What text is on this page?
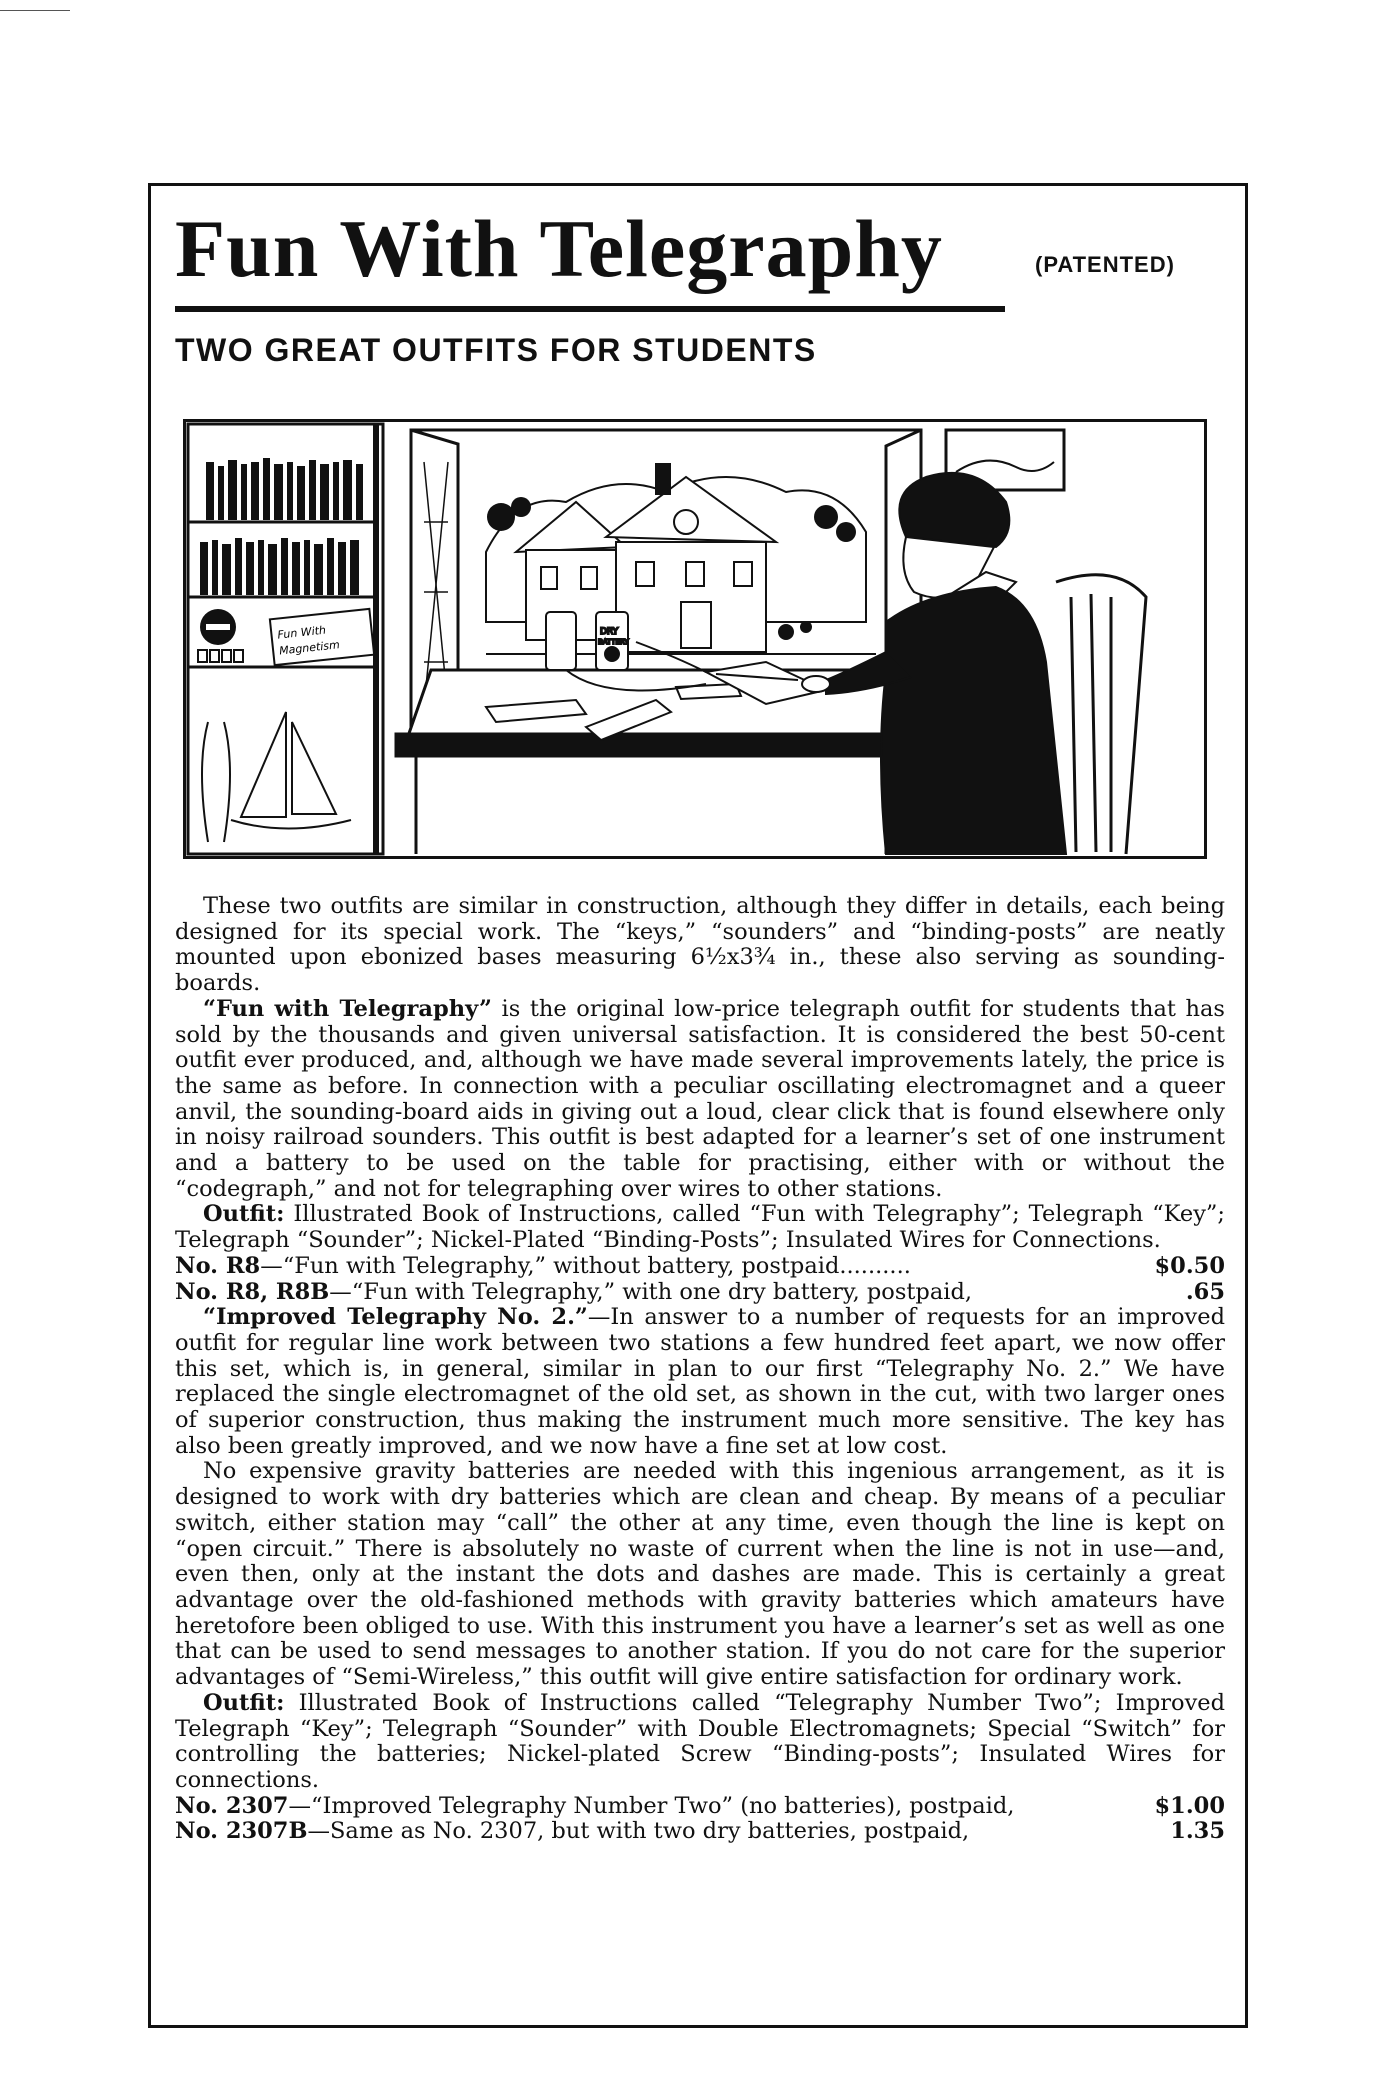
Fun With Telegraphy	(PATENTED)
TWO GREAT OUTFITS FOR STUDENTS
Fun With
Magnetism
DRY
BATTERY

These two outfits are similar in construction, although they differ in details, each being designed for its special work. The “keys,” “sounders” and “binding-posts” are neatly mounted upon ebonized bases measuring 6½x3¾ in., these also serving as sounding-boards.

“Fun with Telegraphy” is the original low-price telegraph outfit for students that has sold by the thousands and given universal satisfaction. It is considered the best 50-cent outfit ever produced, and, although we have made several improvements lately, the price is the same as before. In connection with a peculiar oscillating electromagnet and a queer anvil, the sounding-board aids in giving out a loud, clear click that is found elsewhere only in noisy railroad sounders. This outfit is best adapted for a learner’s set of one instrument and a battery to be used on the table for practising, either with or without the “codegraph,” and not for telegraphing over wires to other stations.

Outfit: Illustrated Book of Instructions, called “Fun with Telegraphy”; Telegraph “Key”; Telegraph “Sounder”; Nickel-Plated “Binding-Posts”; Insulated Wires for Connections.

No. R8—“Fun with Telegraphy,” without battery, postpaid..........	$0.50

No. R8, R8B—“Fun with Telegraphy,” with one dry battery, postpaid,	.65

“Improved Telegraphy No. 2.”—In answer to a number of requests for an improved outfit for regular line work between two stations a few hundred feet apart, we now offer this set, which is, in general, similar in plan to our first “Telegraphy No. 2.” We have replaced the single electromagnet of the old set, as shown in the cut, with two larger ones of superior construction, thus making the instrument much more sensitive. The key has also been greatly improved, and we now have a fine set at low cost.

No expensive gravity batteries are needed with this ingenious arrangement, as it is designed to work with dry batteries which are clean and cheap. By means of a peculiar switch, either station may “call” the other at any time, even though the line is kept on “open circuit.” There is absolutely no waste of current when the line is not in use—and, even then, only at the instant the dots and dashes are made. This is certainly a great advantage over the old-fashioned methods with gravity batteries which amateurs have heretofore been obliged to use. With this instrument you have a learner’s set as well as one that can be used to send messages to another station. If you do not care for the superior advantages of “Semi-Wireless,” this outfit will give entire satisfaction for ordinary work.

Outfit: Illustrated Book of Instructions called “Telegraphy Number Two”; Improved Telegraph “Key”; Telegraph “Sounder” with Double Electromagnets; Special “Switch” for controlling the batteries; Nickel-plated Screw “Binding-posts”; Insulated Wires for connections.

No. 2307—“Improved Telegraphy Number Two” (no batteries), postpaid,	$1.00

No. 2307B—Same as No. 2307, but with two dry batteries, postpaid,	1.35
